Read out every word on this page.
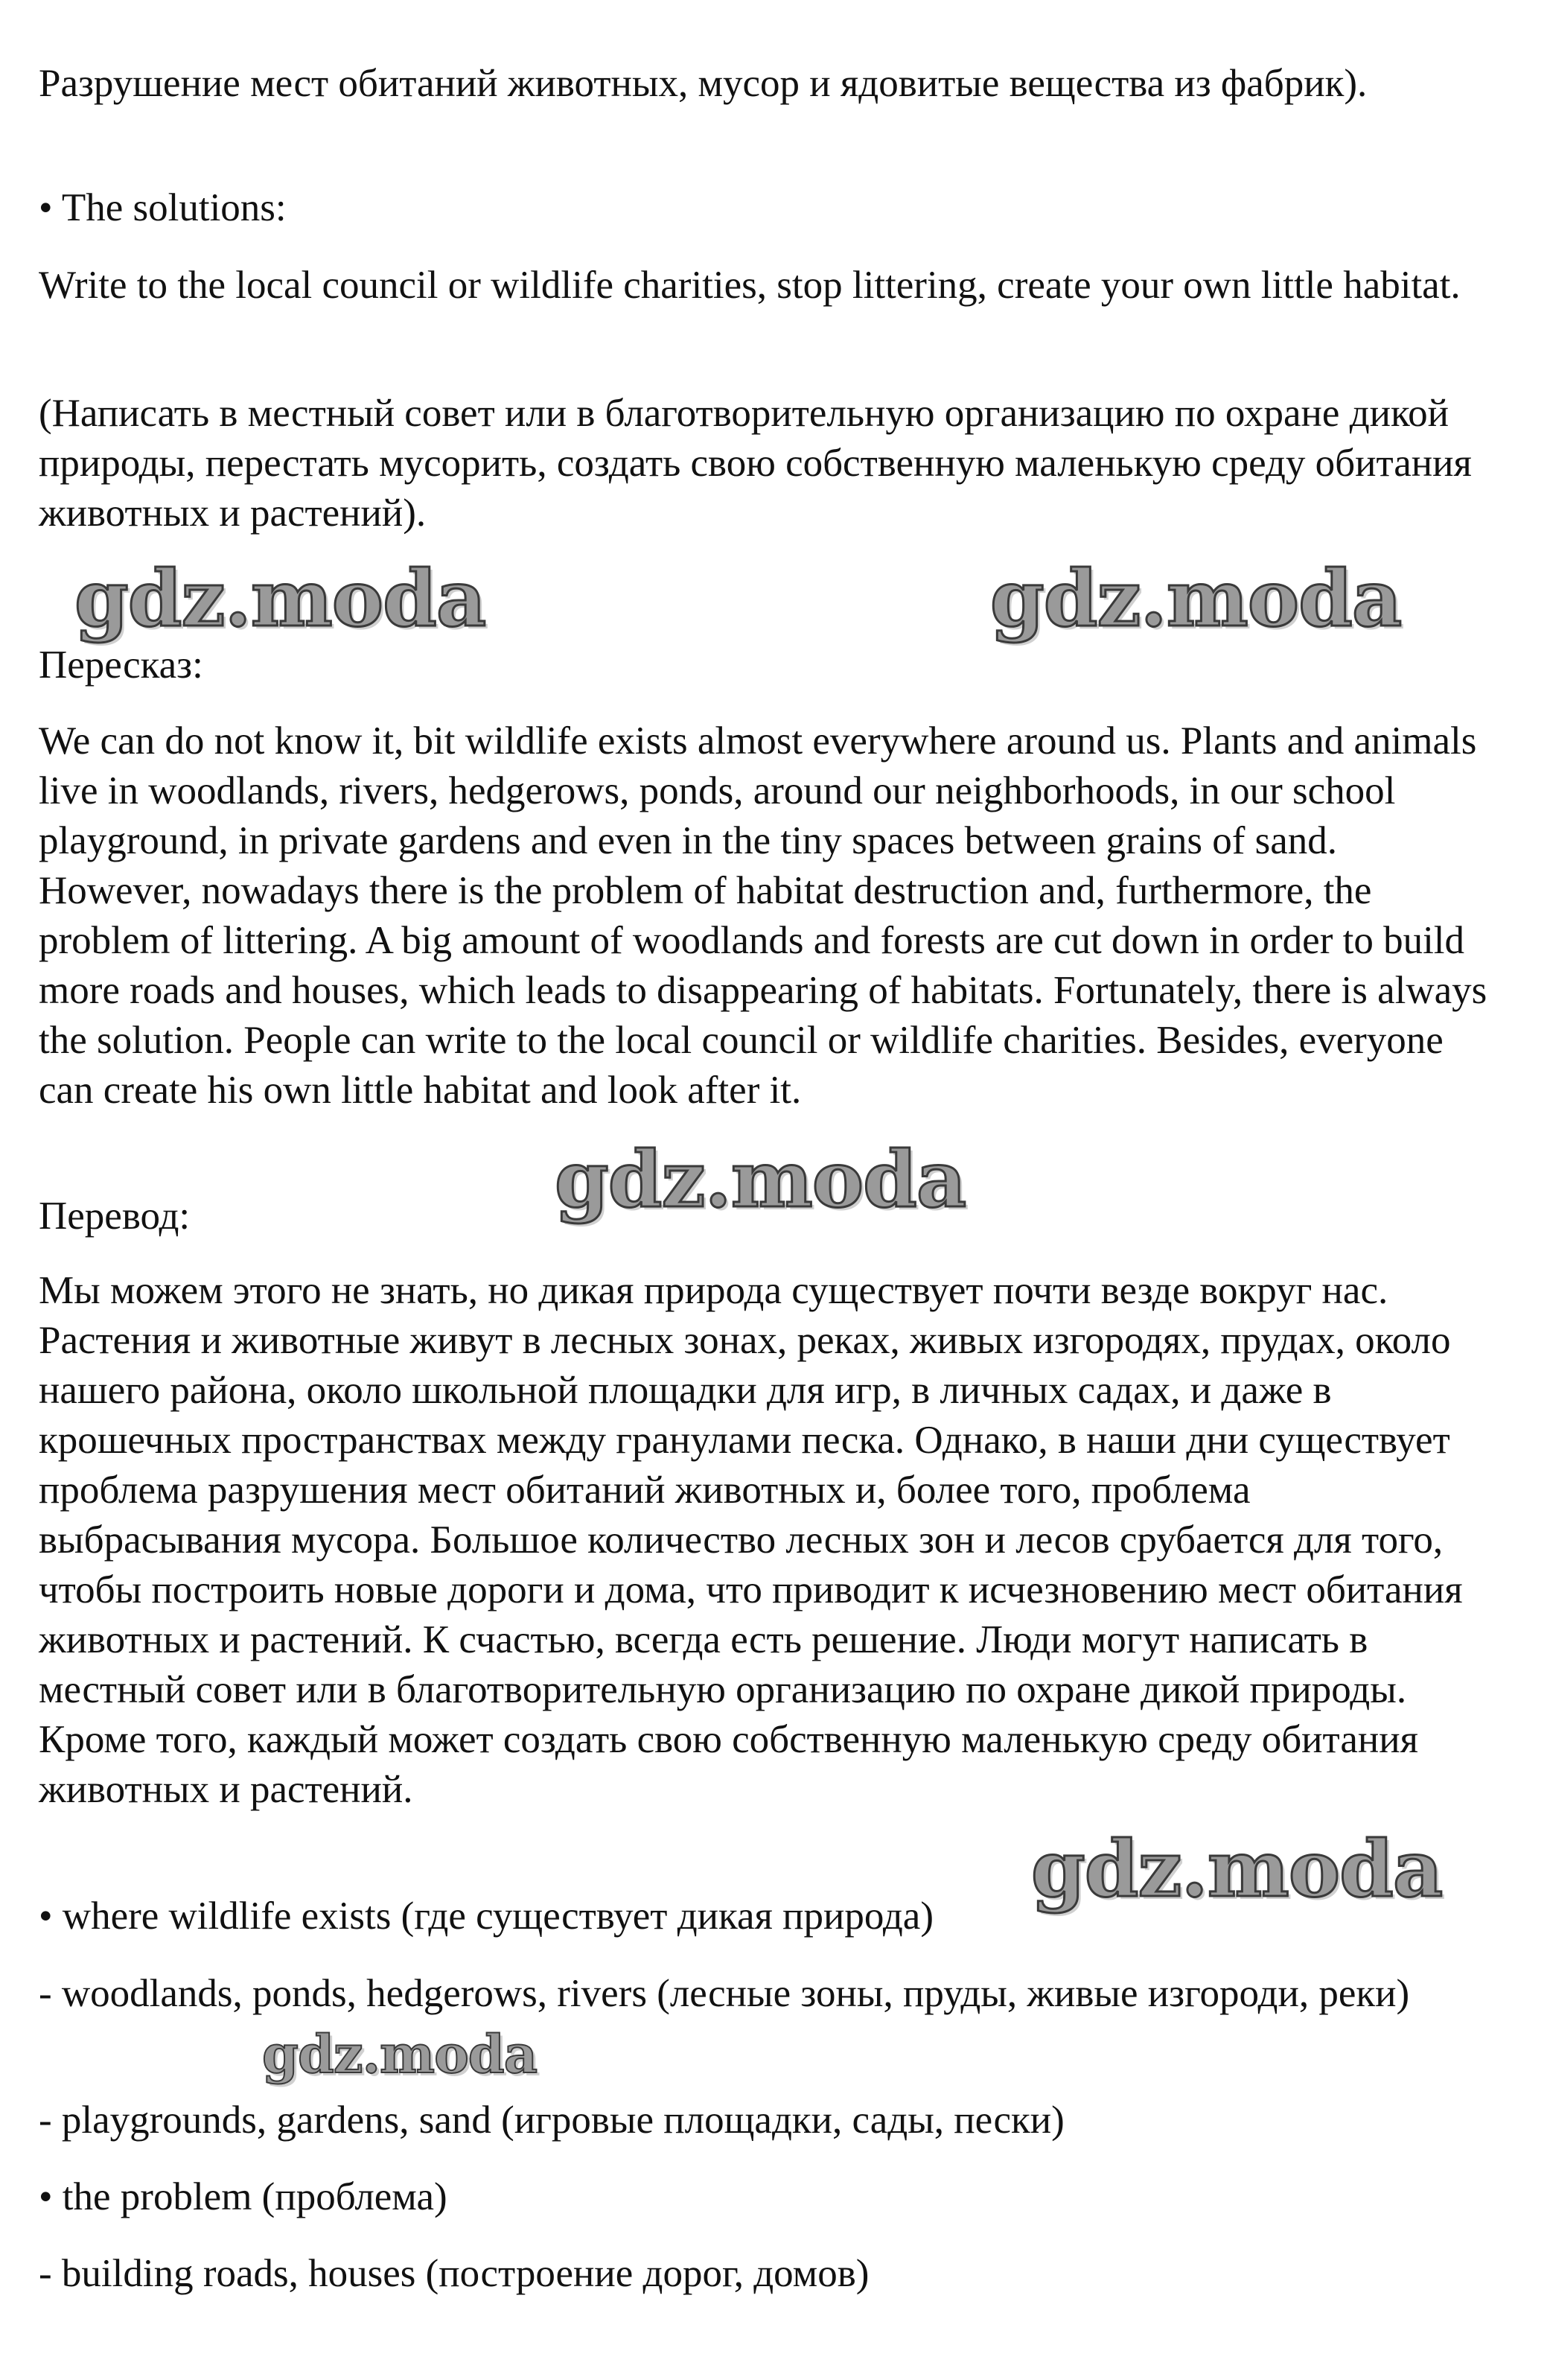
Разрушение мест обитаний животных, мусор и ядовитые вещества из фабрик).

• The solutions:

Write to the local council or wildlife charities, stop littering, create your own little habitat.

(Написать в местный совет или в благотворительную организацию по охране дикой природы, перестать мусорить, создать свою собственную маленькую среду обитания животных и растений).

gdz.moda	gdz.moda

Пересказ:

We can do not know it, bit wildlife exists almost everywhere around us. Plants and animals live in woodlands, rivers, hedgerows, ponds, around our neighborhoods, in our school playground, in private gardens and even in the tiny spaces between grains of sand. However, nowadays there is the problem of habitat destruction and, furthermore, the problem of littering. A big amount of woodlands and forests are cut down in order to build more roads and houses, which leads to disappearing of habitats. Fortunately, there is always the solution. People can write to the local council or wildlife charities. Besides, everyone can create his own little habitat and look after it.

gdz.moda

Перевод:

Мы можем этого не знать, но дикая природа существует почти везде вокруг нас. Растения и животные живут в лесных зонах, реках, живых изгородях, прудах, около нашего района, около школьной площадки для игр, в личных садах, и даже в крошечных пространствах между гранулами песка. Однако, в наши дни существует проблема разрушения мест обитаний животных и, более того, проблема выбрасывания мусора. Большое количество лесных зон и лесов срубается для того, чтобы построить новые дороги и дома, что приводит к исчезновению мест обитания животных и растений. К счастью, всегда есть решение. Люди могут написать в местный совет или в благотворительную организацию по охране дикой природы. Кроме того, каждый может создать свою собственную маленькую среду обитания животных и растений.

gdz.moda

• where wildlife exists (где существует дикая природа)

- woodlands, ponds, hedgerows, rivers (лесные зоны, пруды, живые изгороди, реки)

gdz.moda

- playgrounds, gardens, sand (игровые площадки, сады, пески)

• the problem (проблема)

- building roads, houses (построение дорог, домов)
